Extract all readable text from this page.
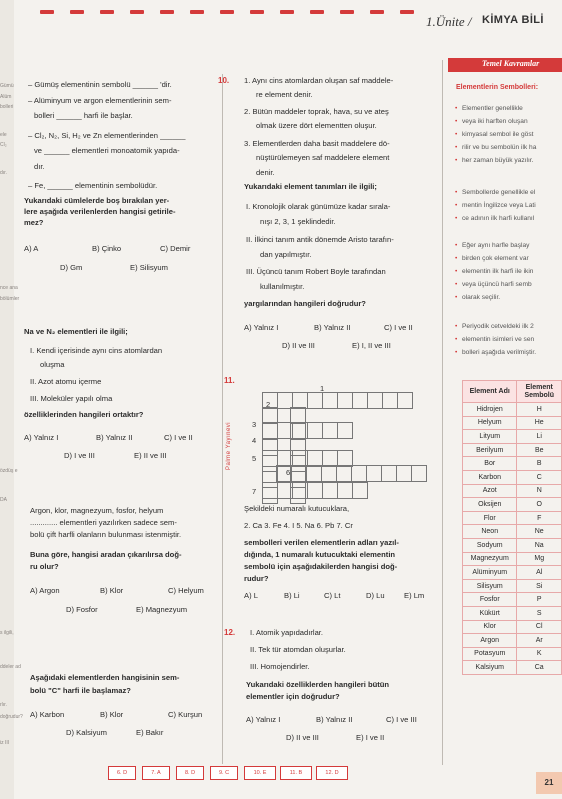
Gümü
Alüm
bolleri
ele
Cl₂
dır.
nce ana
bölümler
özdüş e
DA
s ilgili,
ddeler ad
rlır.
doğrudur?
iz III
1.Ünite / KİMYA BİLİ
– Gümüş elementinin sembolü ______ 'dir.
– Alüminyum ve argon elementlerinin sem-
bolleri ______ harfi ile başlar.
– Cl₂, N₂, Si, H₂ ve Zn elementlerinden ______
ve ______ elementleri monoatomik yapıda-
dır.
– Fe, ______ elementinin sembolüdür.
Yukarıdaki cümlelerde boş bırakılan yer-
lere aşağıda verilenlerden hangisi getirile-
mez?
A) A	B) Çinko	C) Demir
D) Gm	E) Silisyum
Na ve N₂ elementleri ile ilgili;
I. Kendi içerisinde aynı cins atomlardan
oluşma
II. Azot atomu içerme
III. Moleküler yapılı olma
özelliklerinden hangileri ortaktır?
A) Yalnız I	B) Yalnız II	C) I ve II
D) I ve III	E) II ve III
Argon, klor, magnezyum, fosfor, helyum
............. elementleri yazılırken sadece sem-
bolü çift harfli olanların bulunması istenmiştir.
Buna göre, hangisi aradan çıkarılırsa doğ-
ru olur?
A) Argon	B) Klor	C) Helyum
D) Fosfor	E) Magnezyum
Aşağıdaki elementlerden hangisinin sem-
bolü "C" harfi ile başlamaz?
A) Karbon	B) Klor	C) Kurşun
D) Kalsiyum	E) Bakır
10. 1. Aynı cins atomlardan oluşan saf maddele-
re element denir.
2. Bütün maddeler toprak, hava, su ve ateş
olmak üzere dört elementten oluşur.
3. Elementlerden daha basit maddelere dö-
nüştürülemeyen saf maddelere element
denir.
Yukarıdaki element tanımları ile ilgili;
I. Kronolojik olarak günümüze kadar sırala-
nışı 2, 3, 1 şeklindedir.
II. İlkinci tanım antik dönemde Aristo tarafın-
dan yapılmıştır.
III. Üçüncü tanım Robert Boyle tarafından
kullanılmıştır.
yargılarından hangileri doğrudur?
A) Yalnız I	B) Yalnız II	C) I ve II
D) II ve III	E) I, II ve III
11.
Palme Yayınevi

1
2
3
4
5
6
7
Şekildeki numaralı kutucuklara,
2. Ca 3. Fe 4. I 5. Na 6. Pb 7. Cr
sembolleri verilen elementlerin adları yazıl-
dığında, 1 numaralı kutucuktaki elementin
sembolü için aşağıdakilerden hangisi doğ-
rudur?
A) L	B) Li	C) Lt	D) Lu	E) Lm
12. I. Atomik yapıdadırlar.
II. Tek tür atomdan oluşurlar.
III. Homojendirler.
Yukarıdaki özelliklerden hangileri bütün
elementler için doğrudur?
A) Yalnız I	B) Yalnız II	C) I ve III
D) II ve III	E) I ve II
Temel Kavramlar
Elementlerin Sembolleri:
• Elementler genellikle
• veya iki harften oluşan
• kimyasal sembol ile göst
• rilir ve bu sembolün ilk ha
• her zaman büyük yazılır.
• Sembollerde genellikle el
• mentin İngilizce veya Lati
• ce adının ilk harfi kullanıl
• Eğer aynı harfle başlay
• birden çok element var
• elementin ilk harfi ile ikin
• veya üçüncü harfi semb
• olarak seçilir.
• Periyodik cetveldeki ilk 2
• elementin isimleri ve sen
• bolleri aşağıda verilmiştir.
Element Adı	Element Sembolü
Hidrojen	H
Helyum	He
Lityum	Li
Berilyum	Be
Bor	B
Karbon	C
Azot	N
Oksijen	O
Flor	F
Neon	Ne
Sodyum	Na
Magnezyum	Mg
Alüminyum	Al
Silisyum	Si
Fosfor	P
Kükürt	S
Klor	Cl
Argon	Ar
Potasyum	K
Kalsiyum	Ca
6. D	7. A	8. D	9. C	10. E	11. B	12. D
21
